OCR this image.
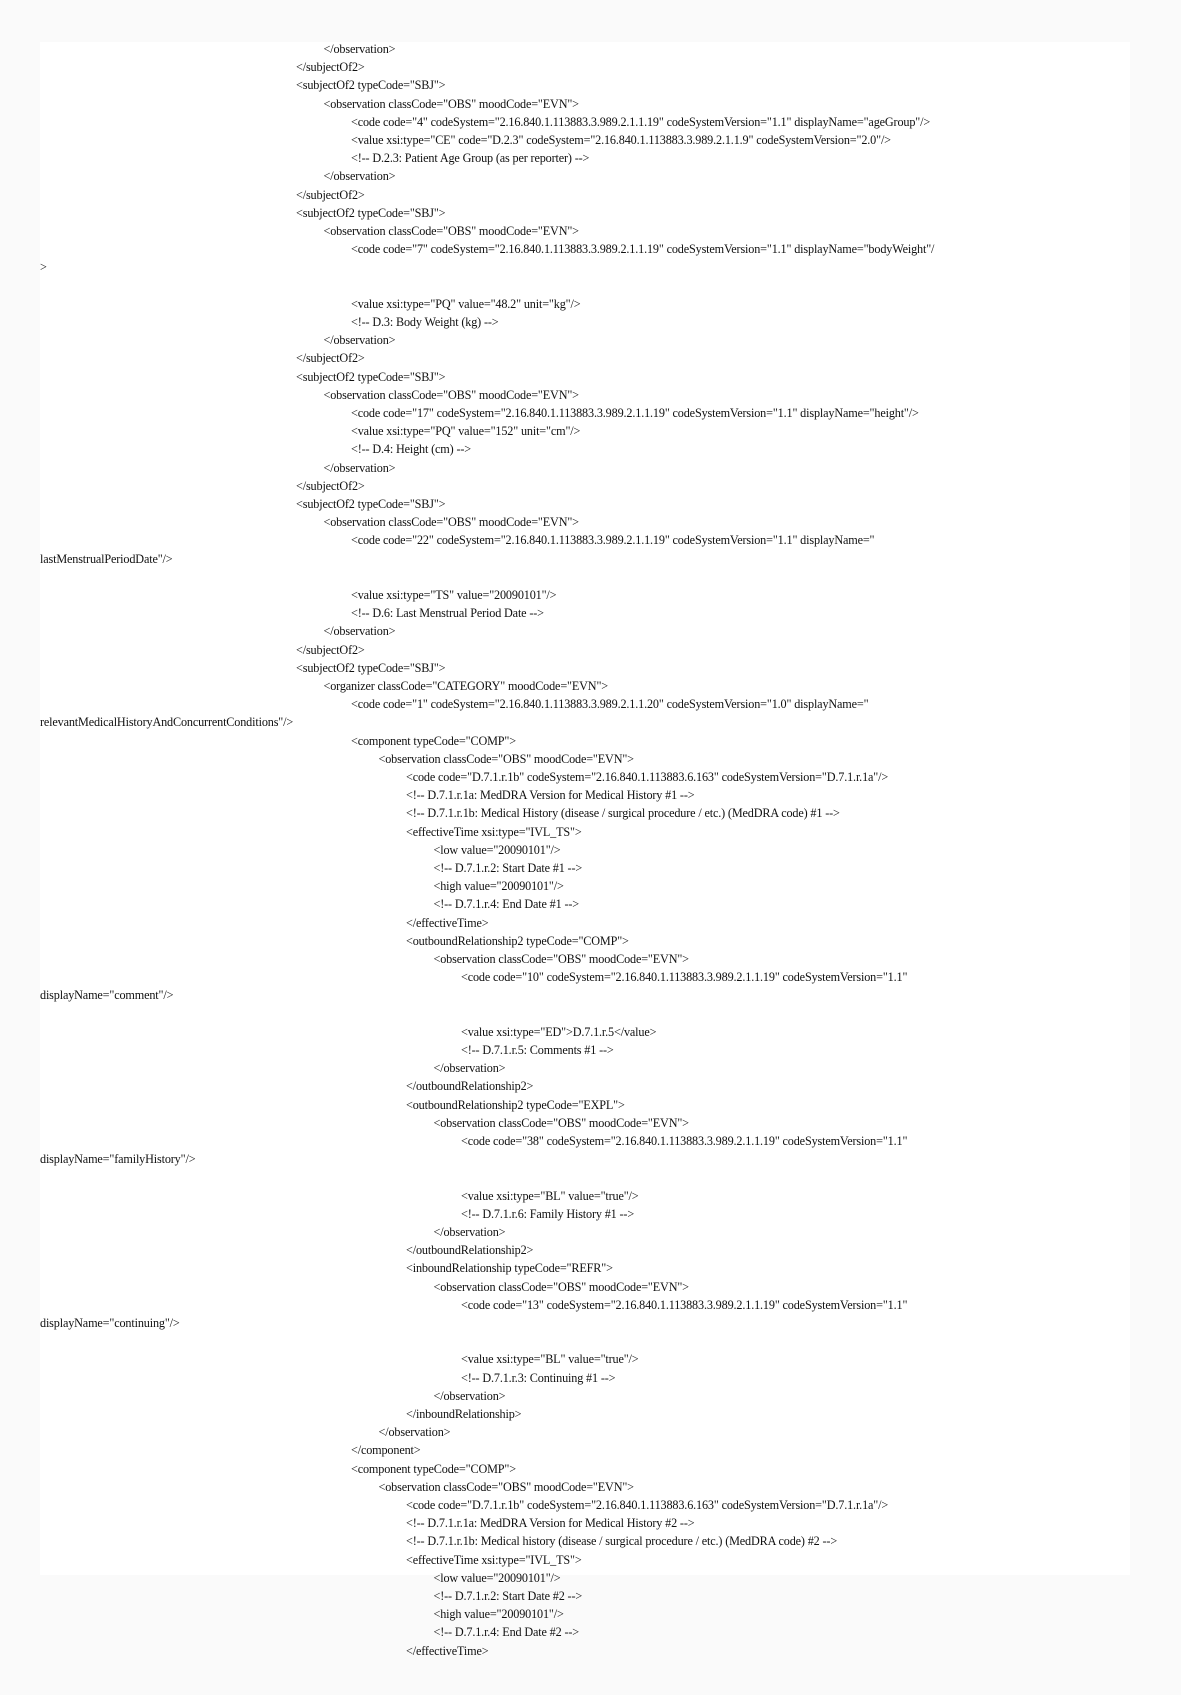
</observation>
</subjectOf2>
<subjectOf2 typeCode="SBJ">
<observation classCode="OBS" moodCode="EVN">
<code code="4" codeSystem="2.16.840.1.113883.3.989.2.1.1.19" codeSystemVersion="1.1" displayName="ageGroup"/>
<value xsi:type="CE" code="D.2.3" codeSystem="2.16.840.1.113883.3.989.2.1.1.9" codeSystemVersion="2.0"/>
<!-- D.2.3: Patient Age Group (as per reporter) -->
</observation>
</subjectOf2>
<subjectOf2 typeCode="SBJ">
<observation classCode="OBS" moodCode="EVN">
<code code="7" codeSystem="2.16.840.1.113883.3.989.2.1.1.19" codeSystemVersion="1.1" displayName="bodyWeight"/
>
<value xsi:type="PQ" value="48.2" unit="kg"/>
<!-- D.3: Body Weight (kg) -->
</observation>
</subjectOf2>
<subjectOf2 typeCode="SBJ">
<observation classCode="OBS" moodCode="EVN">
<code code="17" codeSystem="2.16.840.1.113883.3.989.2.1.1.19" codeSystemVersion="1.1" displayName="height"/>
<value xsi:type="PQ" value="152" unit="cm"/>
<!-- D.4: Height (cm) -->
</observation>
</subjectOf2>
<subjectOf2 typeCode="SBJ">
<observation classCode="OBS" moodCode="EVN">
<code code="22" codeSystem="2.16.840.1.113883.3.989.2.1.1.19" codeSystemVersion="1.1" displayName="
lastMenstrualPeriodDate"/>
<value xsi:type="TS" value="20090101"/>
<!-- D.6: Last Menstrual Period Date -->
</observation>
</subjectOf2>
<subjectOf2 typeCode="SBJ">
<organizer classCode="CATEGORY" moodCode="EVN">
<code code="1" codeSystem="2.16.840.1.113883.3.989.2.1.1.20" codeSystemVersion="1.0" displayName="
relevantMedicalHistoryAndConcurrentConditions"/>
<component typeCode="COMP">
<observation classCode="OBS" moodCode="EVN">
<code code="D.7.1.r.1b" codeSystem="2.16.840.1.113883.6.163" codeSystemVersion="D.7.1.r.1a"/>
<!-- D.7.1.r.1a: MedDRA Version for Medical History #1 -->
<!-- D.7.1.r.1b: Medical History (disease / surgical procedure / etc.) (MedDRA code) #1 -->
<effectiveTime xsi:type="IVL_TS">
<low value="20090101"/>
<!-- D.7.1.r.2: Start Date #1 -->
<high value="20090101"/>
<!-- D.7.1.r.4: End Date #1 -->
</effectiveTime>
<outboundRelationship2 typeCode="COMP">
<observation classCode="OBS" moodCode="EVN">
<code code="10" codeSystem="2.16.840.1.113883.3.989.2.1.1.19" codeSystemVersion="1.1"
displayName="comment"/>
<value xsi:type="ED">D.7.1.r.5</value>
<!-- D.7.1.r.5: Comments #1 -->
</observation>
</outboundRelationship2>
<outboundRelationship2 typeCode="EXPL">
<observation classCode="OBS" moodCode="EVN">
<code code="38" codeSystem="2.16.840.1.113883.3.989.2.1.1.19" codeSystemVersion="1.1"
displayName="familyHistory"/>
<value xsi:type="BL" value="true"/>
<!-- D.7.1.r.6: Family History #1 -->
</observation>
</outboundRelationship2>
<inboundRelationship typeCode="REFR">
<observation classCode="OBS" moodCode="EVN">
<code code="13" codeSystem="2.16.840.1.113883.3.989.2.1.1.19" codeSystemVersion="1.1"
displayName="continuing"/>
<value xsi:type="BL" value="true"/>
<!-- D.7.1.r.3: Continuing #1 -->
</observation>
</inboundRelationship>
</observation>
</component>
<component typeCode="COMP">
<observation classCode="OBS" moodCode="EVN">
<code code="D.7.1.r.1b" codeSystem="2.16.840.1.113883.6.163" codeSystemVersion="D.7.1.r.1a"/>
<!-- D.7.1.r.1a: MedDRA Version for Medical History #2 -->
<!-- D.7.1.r.1b: Medical history (disease / surgical procedure / etc.) (MedDRA code) #2 -->
<effectiveTime xsi:type="IVL_TS">
<low value="20090101"/>
<!-- D.7.1.r.2: Start Date #2 -->
<high value="20090101"/>
<!-- D.7.1.r.4: End Date #2 -->
</effectiveTime>
